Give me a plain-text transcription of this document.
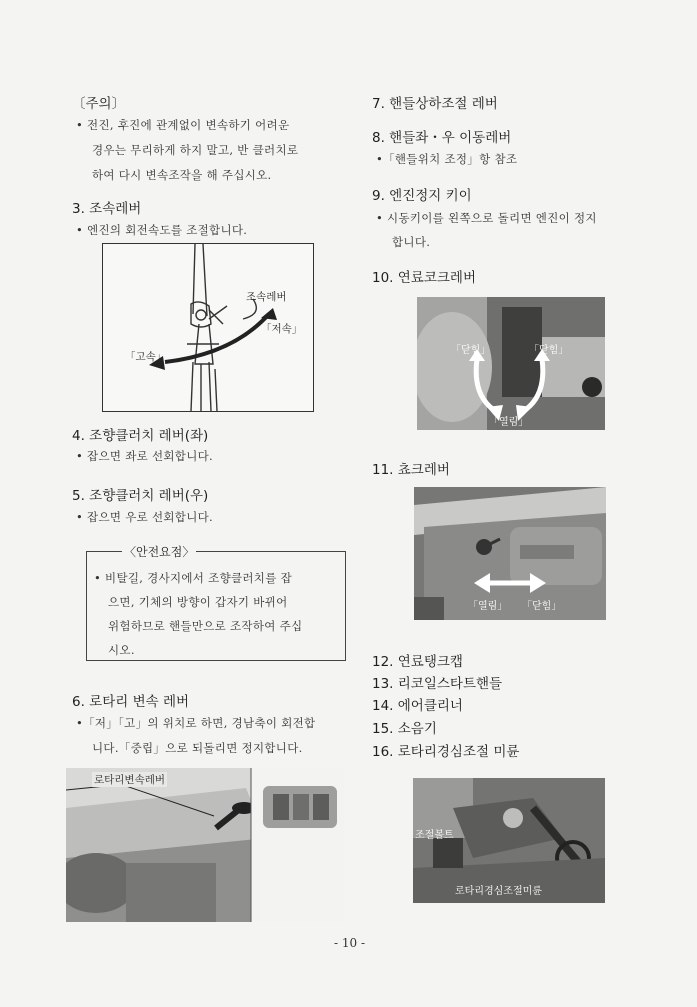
〔주의〕
• 전진, 후진에 관계없이 변속하기 어려운
경우는 무리하게 하지 말고, 반 클러치로
하여 다시 변속조작을 해 주십시오.
3. 조속레버
• 엔진의 회전속도를 조절합니다.
조속레버
「저속」
「고속」
4. 조향클러치 레버(좌)
• 잡으면 좌로 선회합니다.
5. 조향클러치 레버(우)
• 잡으면 우로 선회합니다.
〈안전요점〉
• 비탈길, 경사지에서 조향클러치를 잡
으면, 기체의 방향이 갑자기 바뀌어
위험하므로 핸들만으로 조작하여 주십
시오.
6. 로타리 변속 레버
•「저」「고」의 위치로 하면, 경남축이 회전합
니다.「중립」으로 되돌리면 정지합니다.
로타리변속레버
7. 핸들상하조절 레버
8. 핸들좌・우 이동레버
•「핸들위치 조정」항 참조
9. 엔진정지 키이
• 시동키이를 왼쪽으로 돌리면 엔진이 정지
합니다.
10. 연료코크레버
「닫힘」	「닫힘」
「열림」
11. 쵸크레버
「열림」 「닫힘」
12. 연료탱크캡
13. 리코일스타트핸들
14. 에어클리너
15. 소음기
16. 로타리경심조절 미륜
조절볼트
로타리경심조절미륜
- 10 -
